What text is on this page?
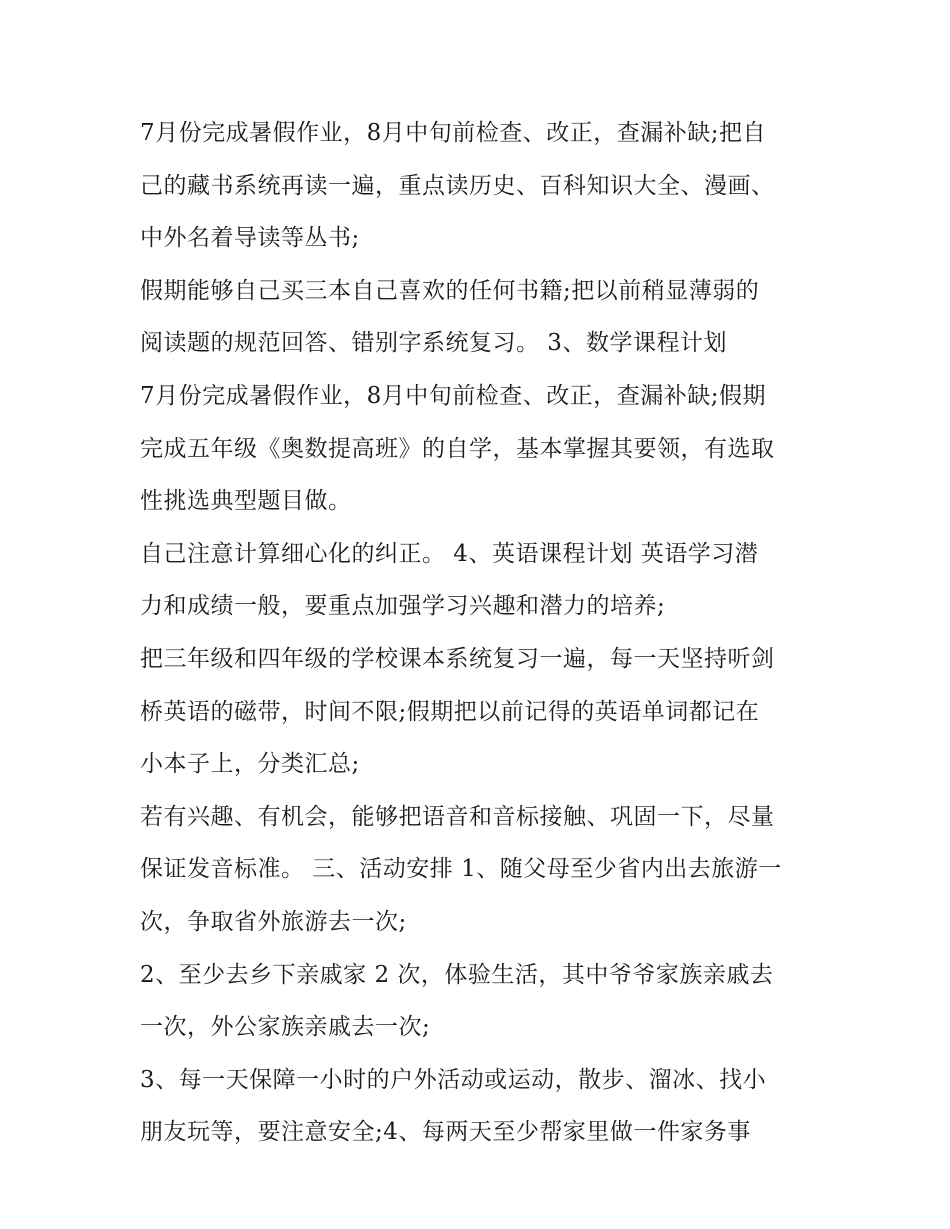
7月份完成暑假作业，8月中旬前检查、改正，查漏补缺;把自
己的藏书系统再读一遍，重点读历史、百科知识大全、漫画、
中外名着导读等丛书;
假期能够自己买三本自己喜欢的任何书籍;把以前稍显薄弱的
阅读题的规范回答、错别字系统复习。 3、数学课程计划
7月份完成暑假作业，8月中旬前检查、改正，查漏补缺;假期
完成五年级《奥数提高班》的自学，基本掌握其要领，有选取
性挑选典型题目做。
自己注意计算细心化的纠正。 4、英语课程计划 英语学习潜
力和成绩一般，要重点加强学习兴趣和潜力的培养;
把三年级和四年级的学校课本系统复习一遍，每一天坚持听剑
桥英语的磁带，时间不限;假期把以前记得的英语单词都记在
小本子上，分类汇总;
若有兴趣、有机会，能够把语音和音标接触、巩固一下，尽量
保证发音标准。 三、活动安排 1、随父母至少省内出去旅游一
次，争取省外旅游去一次;
2、至少去乡下亲戚家 2 次，体验生活，其中爷爷家族亲戚去
一次，外公家族亲戚去一次;
3、每一天保障一小时的户外活动或运动，散步、溜冰、找小
朋友玩等，要注意安全;4、每两天至少帮家里做一件家务事
